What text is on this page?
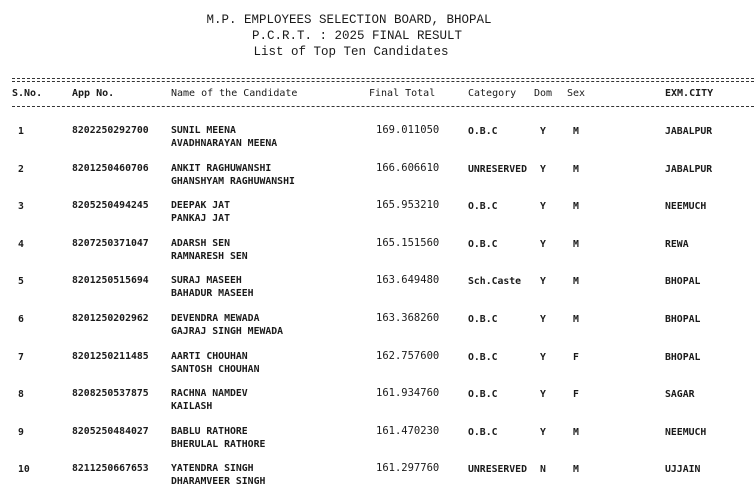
M.P. EMPLOYEES SELECTION BOARD, BHOPAL
P.C.R.T. : 2025 FINAL RESULT
List of Top Ten Candidates
S.No.	App No.	Name of the Candidate	Final Total	Category Dom Sex	EXM.CITY
1	8202250292700 SUNIL MEENA
AVADHNARAYAN MEENA
169.011050	O.B.C	Y	M	JABALPUR
2	8201250460706 ANKIT RAGHUWANSHI
GHANSHYAM RAGHUWANSHI
166.606610	UNRESERVED Y	M	JABALPUR
3	8205250494245 DEEPAK JAT
PANKAJ JAT
165.953210	O.B.C	Y	M	NEEMUCH
4	8207250371047 ADARSH SEN
RAMNARESH SEN
165.151560	O.B.C	Y	M	REWA
5	8201250515694 SURAJ MASEEH
BAHADUR MASEEH
163.649480	Sch.Caste Y	M	BHOPAL
6	8201250202962 DEVENDRA MEWADA
GAJRAJ SINGH MEWADA
163.368260	O.B.C	Y	M	BHOPAL
7	8201250211485 AARTI CHOUHAN
SANTOSH CHOUHAN
162.757600	O.B.C	Y	F	BHOPAL
8	8208250537875 RACHNA NAMDEV
KAILASH
161.934760	O.B.C	Y	F	SAGAR
9	8205250484027 BABLU RATHORE
BHERULAL RATHORE
161.470230	O.B.C	Y	M	NEEMUCH
10	8211250667653 YATENDRA SINGH
DHARAMVEER SINGH
161.297760	UNRESERVED N	M	UJJAIN
